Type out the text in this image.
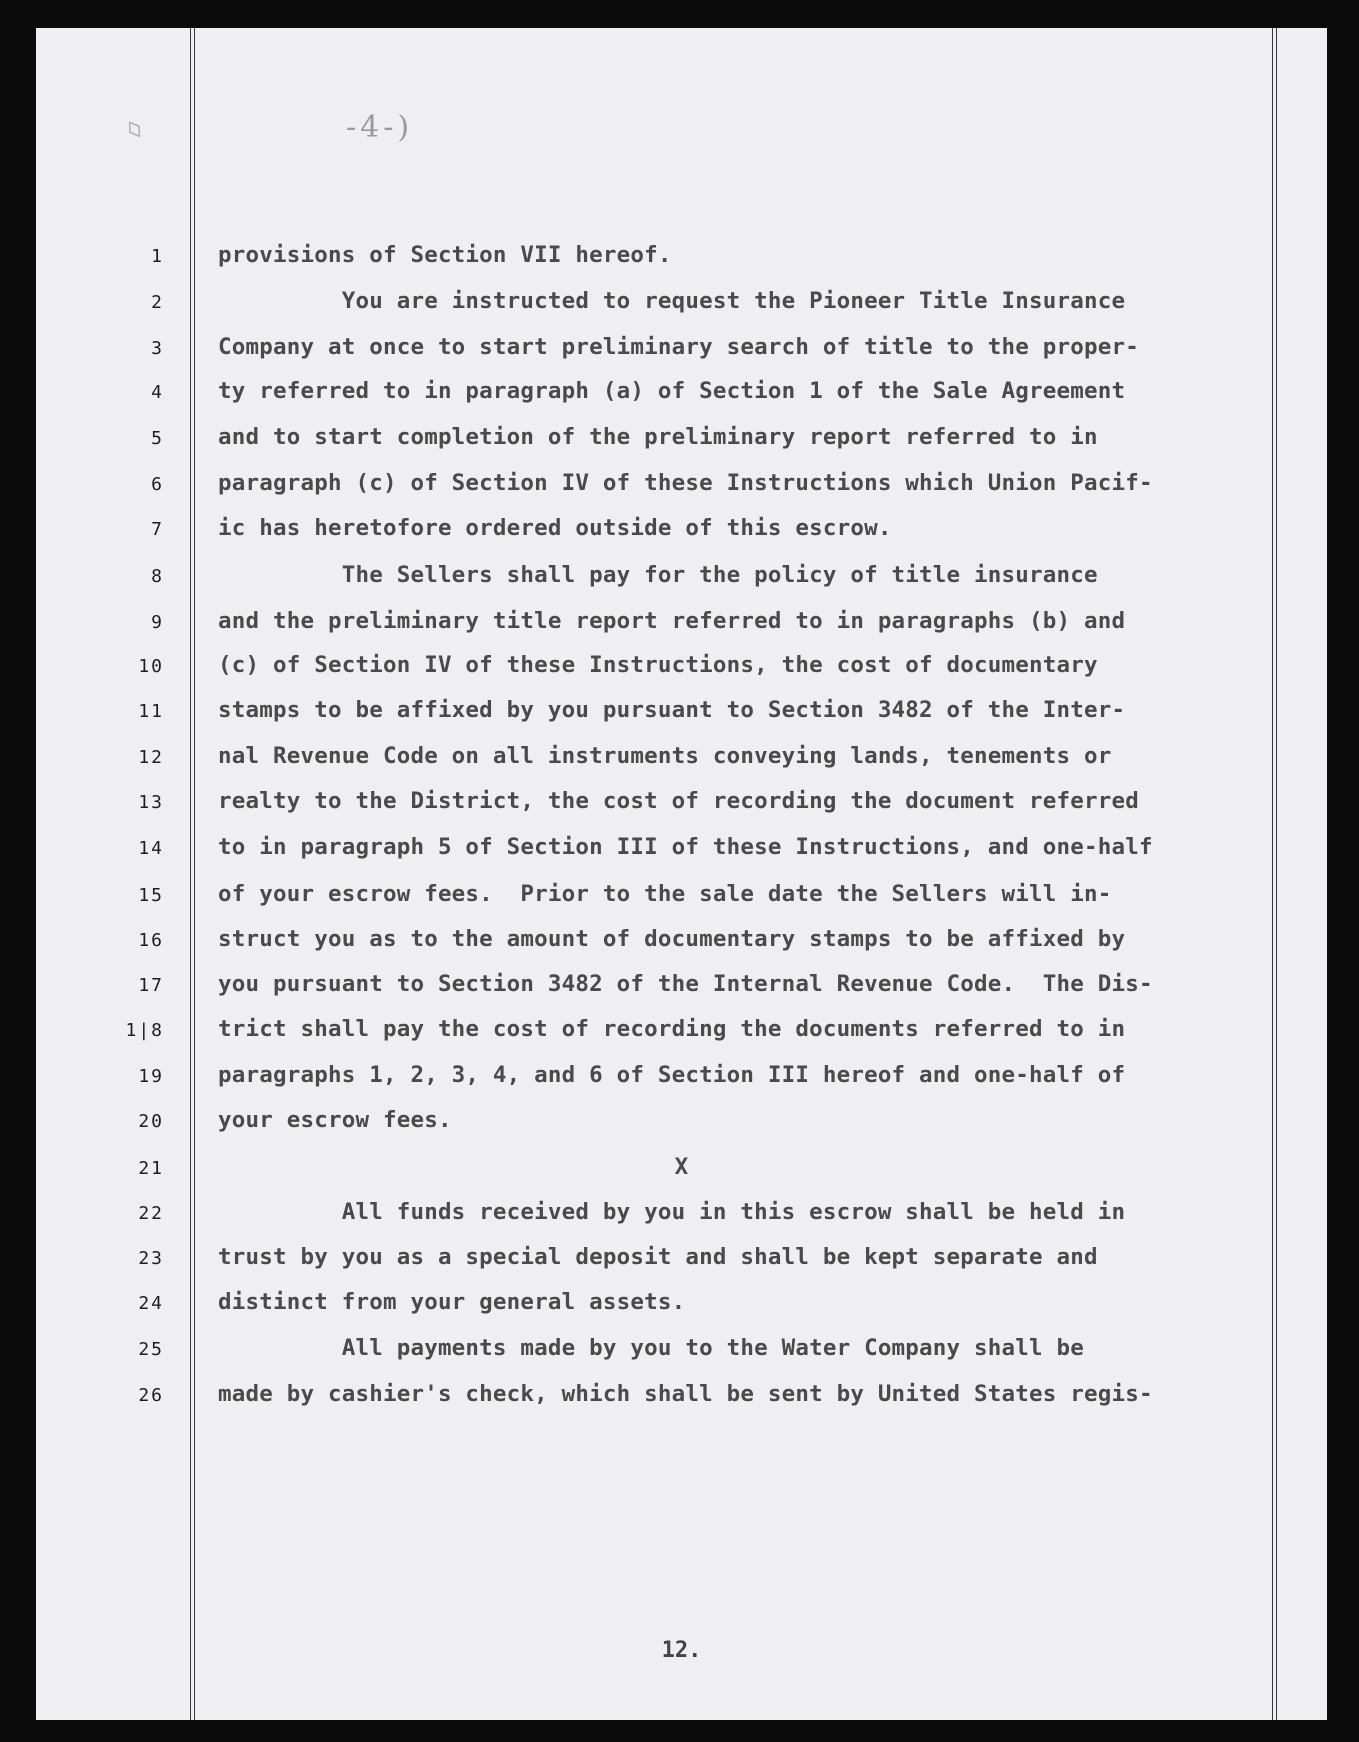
◊	-4-)
1
2
3
4
5
6
7
8
9
10
11
12
13
14
15
16
17
1|8
19
20
21
22
23
24
25
26
provisions of Section VII hereof.
You are instructed to request the Pioneer Title Insurance
Company at once to start preliminary search of title to the proper-
ty referred to in paragraph (a) of Section 1 of the Sale Agreement
and to start completion of the preliminary report referred to in
paragraph (c) of Section IV of these Instructions which Union Pacif-
ic has heretofore ordered outside of this escrow.
The Sellers shall pay for the policy of title insurance
and the preliminary title report referred to in paragraphs (b) and
(c) of Section IV of these Instructions, the cost of documentary
stamps to be affixed by you pursuant to Section 3482 of the Inter-
nal Revenue Code on all instruments conveying lands, tenements or
realty to the District, the cost of recording the document referred
to in paragraph 5 of Section III of these Instructions, and one-half
of your escrow fees.  Prior to the sale date the Sellers will in-
struct you as to the amount of documentary stamps to be affixed by
you pursuant to Section 3482 of the Internal Revenue Code.  The Dis-
trict shall pay the cost of recording the documents referred to in
paragraphs 1, 2, 3, 4, and 6 of Section III hereof and one-half of
your escrow fees.
X
All funds received by you in this escrow shall be held in
trust by you as a special deposit and shall be kept separate and
distinct from your general assets.
All payments made by you to the Water Company shall be
made by cashier's check, which shall be sent by United States regis-
12.
